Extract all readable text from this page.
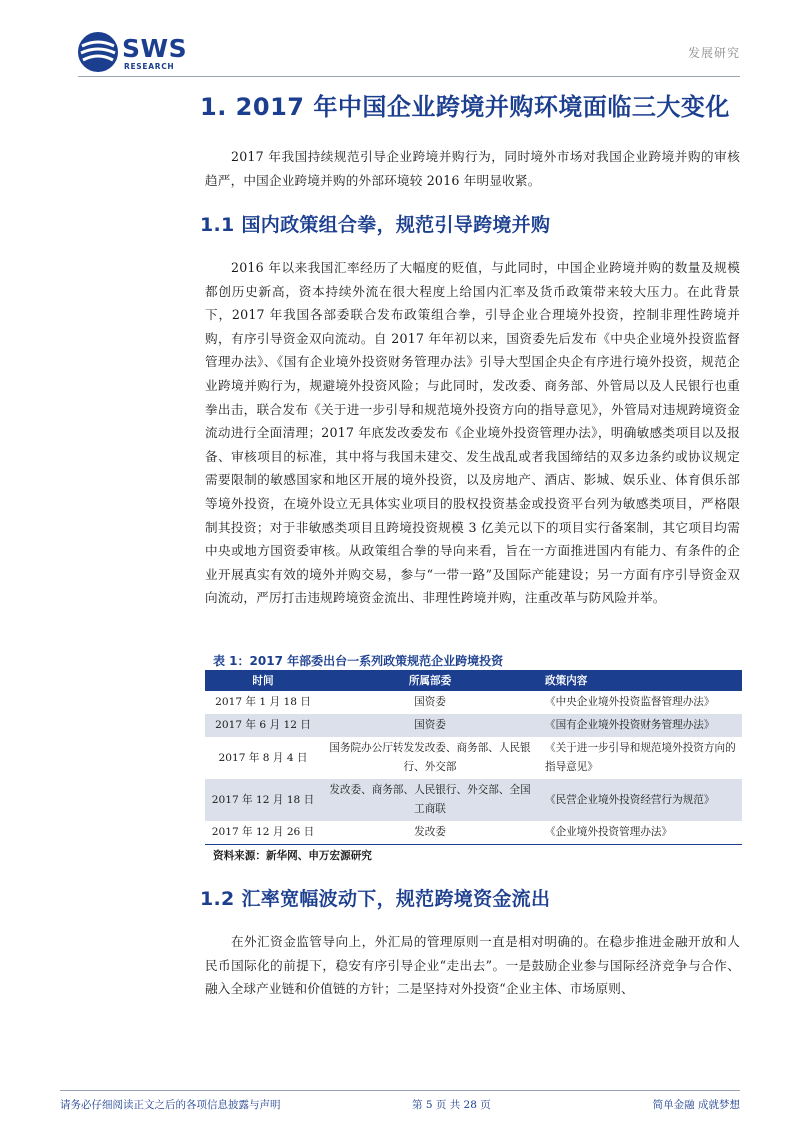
SWS
RESEARCH
发展研究
1. 2017 年中国企业跨境并购环境面临三大变化

2017 年我国持续规范引导企业跨境并购行为，同时境外市场对我国企业跨境并购的审核趋严，中国企业跨境并购的外部环境较 2016 年明显收紧。

1.1 国内政策组合拳，规范引导跨境并购

2016 年以来我国汇率经历了大幅度的贬值，与此同时，中国企业跨境并购的数量及规模都创历史新高，资本持续外流在很大程度上给国内汇率及货币政策带来较大压力。在此背景下，2017 年我国各部委联合发布政策组合拳，引导企业合理境外投资，控制非理性跨境并购，有序引导资金双向流动。自 2017 年年初以来，国资委先后发布《中央企业境外投资监督管理办法》、《国有企业境外投资财务管理办法》引导大型国企央企有序进行境外投资，规范企业跨境并购行为，规避境外投资风险；与此同时，发改委、商务部、外管局以及人民银行也重拳出击，联合发布《关于进一步引导和规范境外投资方向的指导意见》，外管局对违规跨境资金流动进行全面清理；2017 年底发改委发布《企业境外投资管理办法》，明确敏感类项目以及报备、审核项目的标准，其中将与我国未建交、发生战乱或者我国缔结的双多边条约或协议规定需要限制的敏感国家和地区开展的境外投资，以及房地产、酒店、影城、娱乐业、体育俱乐部等境外投资，在境外设立无具体实业项目的股权投资基金或投资平台列为敏感类项目，严格限制其投资；对于非敏感类项目且跨境投资规模 3 亿美元以下的项目实行备案制，其它项目均需中央或地方国资委审核。从政策组合拳的导向来看，旨在一方面推进国内有能力、有条件的企业开展真实有效的境外并购交易，参与“一带一路”及国际产能建设；另一方面有序引导资金双向流动，严厉打击违规跨境资金流出、非理性跨境并购，注重改革与防风险并举。

表 1：2017 年部委出台一系列政策规范企业跨境投资
时间	所属部委	政策内容
2017 年 1 月 18 日	国资委	《中央企业境外投资监督管理办法》
2017 年 6 月 12 日	国资委	《国有企业境外投资财务管理办法》
2017 年 8 月 4 日	国务院办公厅转发发改委、商务部、人民银行、外交部	《关于进一步引导和规范境外投资方向的指导意见》
2017 年 12 月 18 日	发改委、商务部、人民银行、外交部、全国工商联	《民营企业境外投资经营行为规范》
2017 年 12 月 26 日	发改委	《企业境外投资管理办法》
资料来源：新华网、申万宏源研究
1.2 汇率宽幅波动下，规范跨境资金流出

在外汇资金监管导向上，外汇局的管理原则一直是相对明确的。在稳步推进金融开放和人民币国际化的前提下，稳安有序引导企业“走出去”。一是鼓励企业参与国际经济竞争与合作、融入全球产业链和价值链的方针；二是坚持对外投资“企业主体、市场原则、

请务必仔细阅读正文之后的各项信息披露与声明	第 5 页 共 28 页	简单金融 成就梦想
